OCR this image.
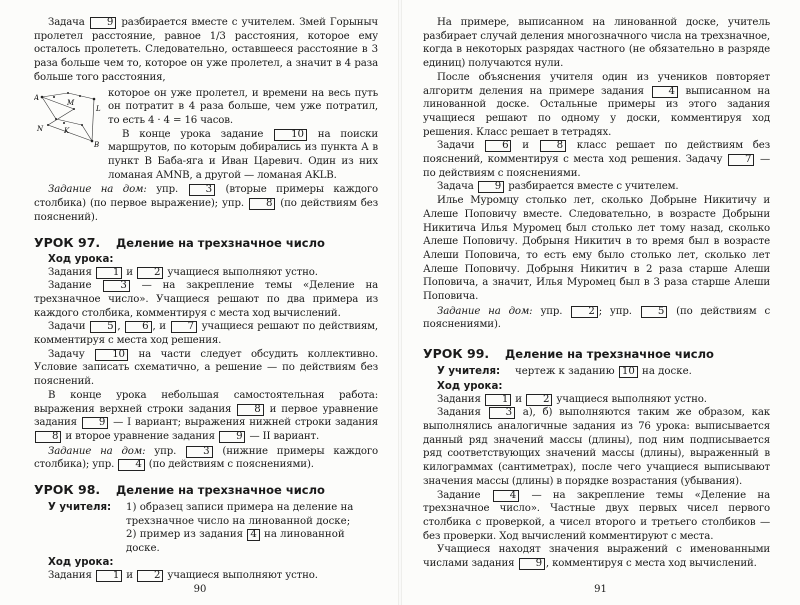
Задача 9 разбирается вместе с учителем. Змей Горыныч пролетел расстояние, равное 1/3 расстояния, которое ему осталось пролететь. Следовательно, оставшееся расстояние в 3 раза больше чем то, которое он уже пролетел, а значит в 4 раза больше того расстояния,

A
M
L
N	K
B

которое он уже пролетел, и времени на весь путь он потратит в 4 раза больше, чем уже потратил, то есть 4 · 4 = 16 часов.

В конце урока задание 10 на поиски маршрутов, по которым добирались из пункта A в пункт B Баба-яга и Иван Царевич. Один из них ломаная AMNB, а другой — ломаная AKLB.

Задание на дом: упр. 3 (вторые примеры каждого столбика) (по первое выражение); упр. 8 (по действиям без пояснений).

УРОК 97.	Деление на трехзначное число
Ход урока:

Задания 1 и 2 учащиеся выполняют устно.

Задание 3 — на закрепление темы «Деление на трехзначное число». Учащиеся решают по два примера из каждого столбика, комментируя с места ход вычислений.

Задачи 5 , 6 , и 7 учащиеся решают по действиям, комментируя с места ход решения.

Задачу 10 на части следует обсудить коллективно. Условие записать схематично, а решение — по действиям без пояснений.

В конце урока небольшая самостоятельная работа: выражения верхней строки задания 8 и первое уравнение задания 9 — I вариант; выражения нижней строки задания 8 и второе уравнение задания 9 — II вариант.

Задание на дом: упр. 3 (нижние примеры каждого столбика); упр. 4 (по действиям с пояснениями).

УРОК 98.	Деление на трехзначное число
У учителя:	1) образец записи примера на деление на трехзначное число на линованной доске;
2) пример из задания 4 на линованной доске.
Ход урока:

Задания 1 и 2 учащиеся выполняют устно.

90

На примере, выписанном на линованной доске, учитель разбирает случай деления многозначного числа на трехзначное, когда в некоторых разрядах частного (не обязательно в разряде единиц) получаются нули.

После объяснения учителя один из учеников повторяет алгоритм деления на примере задания 4 выписанном на линованной доске. Остальные примеры из этого задания учащиеся решают по одному у доски, комментируя ход решения. Класс решает в тетрадях.

Задачи 6 и 8 класс решает по действиям без пояснений, комментируя с места ход решения. Задачу 7 — по действиям с пояснениями.

Задача 9 разбирается вместе с учителем.

Илье Муромцу столько лет, сколько Добрыне Никитичу и Алеше Поповичу вместе. Следовательно, в возрасте Добрыни Никитича Илья Муромец был столько лет тому назад, сколько Алеше Поповичу. Добрыня Никитич в то время был в возрасте Алеши Поповича, то есть ему было столько лет, сколько лет Алеше Поповичу. Добрыня Никитич в 2 раза старше Алеши Поповича, а значит, Илья Муромец был в 3 раза старше Алеши Поповича.

Задание на дом: упр. 2 ; упр. 5 (по действиям с пояснениями).

УРОК 99.	Деление на трехзначное число
У учителя:	чертеж к заданию 10 на доске.
Ход урока:

Задания 1 и 2 учащиеся выполняют устно.

Задания 3 а), б) выполняются таким же образом, как выполнялись аналогичные задания из 76 урока: выписывается данный ряд значений массы (длины), под ним подписывается ряд соответствующих значений массы (длины), выраженный в килограммах (сантиметрах), после чего учащиеся выписывают значения массы (длины) в порядке возрастания (убывания).

Задание 4 — на закрепление темы «Деление на трехзначное число». Частные двух первых чисел первого столбика с проверкой, а чисел второго и третьего столбиков — без проверки. Ход вычислений комментируют с места.

Учащиеся находят значения выражений с именованными числами задания 9 , комментируя с места ход вычислений.

91
